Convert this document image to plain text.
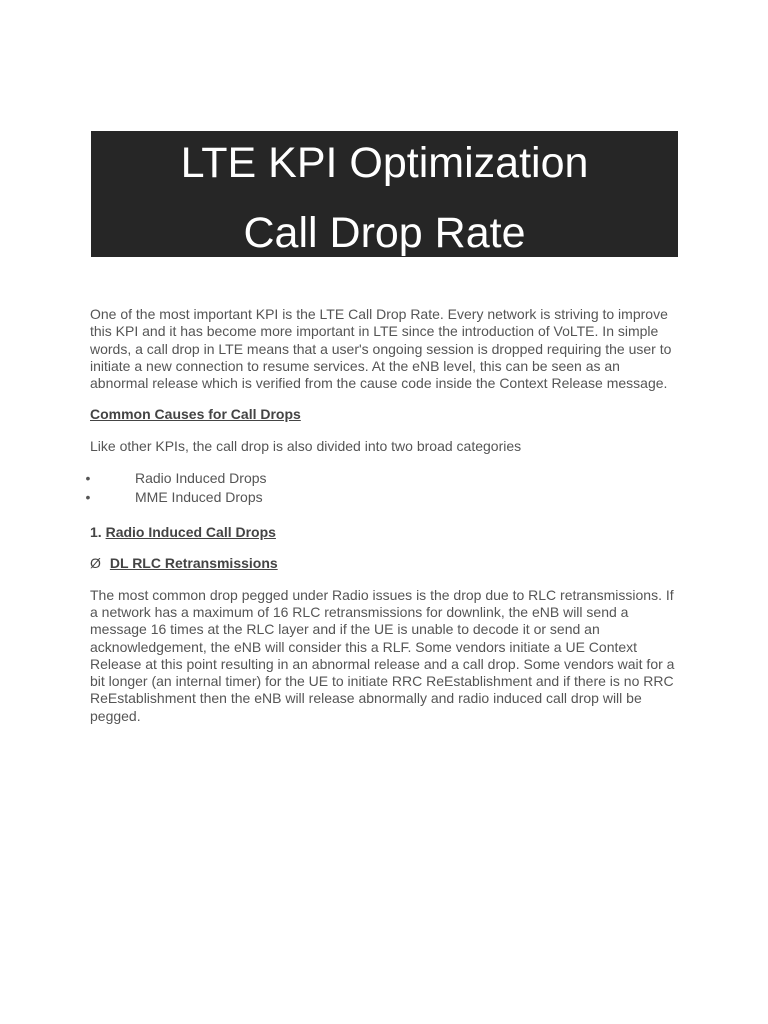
LTE KPI Optimization
Call Drop Rate

One of the most important KPI is the LTE Call Drop Rate. Every network is striving to improve this KPI and it has become more important in LTE since the introduction of VoLTE. In simple words, a call drop in LTE means that a user's ongoing session is dropped requiring the user to initiate a new connection to resume services. At the eNB level, this can be seen as an abnormal release which is verified from the cause code inside the Context Release message.

Common Causes for Call Drops

Like other KPIs, the call drop is also divided into two broad categories

•	Radio Induced Drops
•	MME Induced Drops

1. Radio Induced Call Drops

Ø DL RLC Retransmissions

The most common drop pegged under Radio issues is the drop due to RLC retransmissions. If a network has a maximum of 16 RLC retransmissions for downlink, the eNB will send a message 16 times at the RLC layer and if the UE is unable to decode it or send an acknowledgement, the eNB will consider this a RLF. Some vendors initiate a UE Context Release at this point resulting in an abnormal release and a call drop. Some vendors wait for a bit longer (an internal timer) for the UE to initiate RRC ReEstablishment and if there is no RRC ReEstablishment then the eNB will release abnormally and radio induced call drop will be pegged.
